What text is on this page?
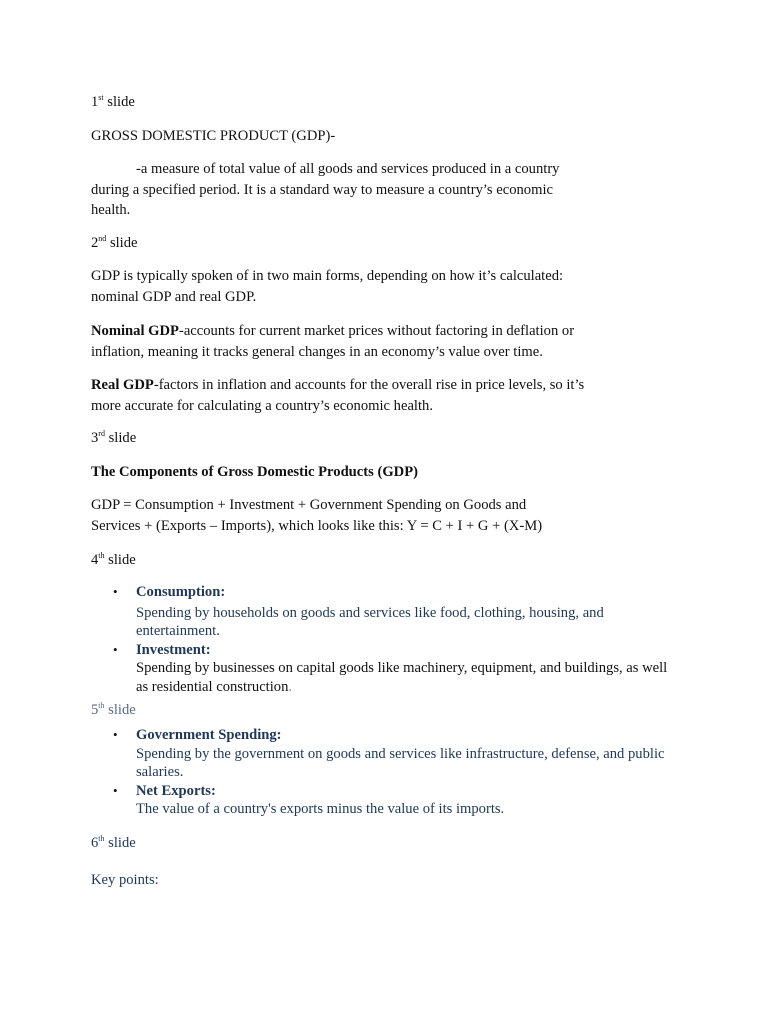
1st slide

GROSS DOMESTIC PRODUCT (GDP)-

-a measure of total value of all goods and services produced in a country during a specified period. It is a standard way to measure a country’s economic health.

2nd slide

GDP is typically spoken of in two main forms, depending on how it’s calculated: nominal GDP and real GDP.

Nominal GDP-accounts for current market prices without factoring in deflation or inflation, meaning it tracks general changes in an economy’s value over time.

Real GDP-factors in inflation and accounts for the overall rise in price levels, so it’s more accurate for calculating a country’s economic health.

3rd slide

The Components of Gross Domestic Products (GDP)

GDP = Consumption + Investment + Government Spending on Goods and Services + (Exports – Imports), which looks like this: Y = C + I + G + (X-M)

4th slide

• Consumption:
Spending by households on goods and services like food, clothing, housing, and entertainment.
• Investment:
Spending by businesses on capital goods like machinery, equipment, and buildings, as well as residential construction.

5th slide

• Government Spending:
Spending by the government on goods and services like infrastructure, defense, and public salaries.
• Net Exports:
The value of a country's exports minus the value of its imports.

6th slide

Key points:
